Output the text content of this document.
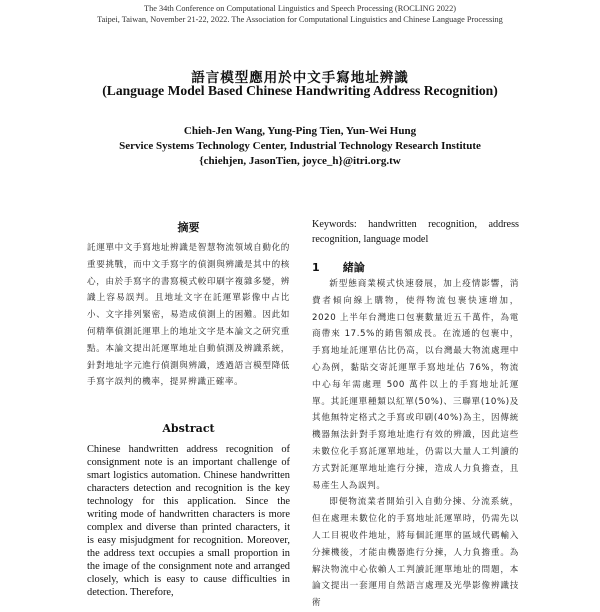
The 34th Conference on Computational Linguistics and Speech Processing (ROCLING 2022)
Taipei, Taiwan, November 21-22, 2022. The Association for Computational Linguistics and Chinese Language Processing
語言模型應用於中文手寫地址辨識
(Language Model Based Chinese Handwriting Address Recognition)
Chieh-Jen Wang, Yung-Ping Tien, Yun-Wei Hung
Service Systems Technology Center, Industrial Technology Research Institute
{chiehjen, JasonTien, joyce_h}@itri.org.tw
摘要
託運單中文手寫地址辨識是智慧物流領域自動化的重要挑戰，而中文手寫字的偵測與辨識是其中的核心，由於手寫字的書寫模式較印刷字複雜多變，辨識上容易誤判。且地址文字在託運單影像中占比小、文字排列緊密，易造成偵測上的困難。因此如何精準偵測託運單上的地址文字是本論文之研究重點。本論文提出託運單地址自動偵測及辨識系統，針對地址字元進行偵測與辨識，透過語言模型降低手寫字誤判的機率，提昇辨識正確率。
Abstract
Chinese handwritten address recognition of consignment note is an important challenge of smart logistics automation. Chinese handwritten characters detection and recognition is the key technology for this application. Since the writing mode of handwritten characters is more complex and diverse than printed characters, it is easy misjudgment for recognition. Moreover, the address text occupies a small proportion in the image of the consignment note and arranged closely, which is easy to cause difficulties in detection. Therefore,
Keywords: handwritten recognition, address recognition, language model
1 緒論
新型態商業模式快速發展，加上疫情影響，消費者傾向線上購物，使得物流包裹快速增加，2020 上半年台灣進口包裹數量近五千萬件，為電商帶來 17.5%的銷售額成長。在流通的包裹中，手寫地址託運單佔比仍高，以台灣最大物流處理中心為例，黏貼交寄託運單手寫地址佔 76%，物流中心每年需處理 500 萬件以上的手寫地址託運單。其託運單種類以紅單(50%)、三聯單(10%)及其他無特定格式之手寫或印刷(40%)為主，因傳統機器無法針對手寫地址進行有效的辨識，因此這些未數位化手寫託運單地址，仍需以大量人工判讀的方式對託運單地址進行分揀，造成人力負擔查，且易產生人為誤判。
即便物流業者開始引入自動分揀、分流系統，但在處理未數位化的手寫地址託運單時，仍需先以人工目視收件地址，將每個託運單的區域代碼輸入分揀機後，才能由機器進行分揀，人力負擔重。為解決物流中心依賴人工判讀託運單地址的問題，本論文提出一套運用自然語言處理及光學影像辨識技術
